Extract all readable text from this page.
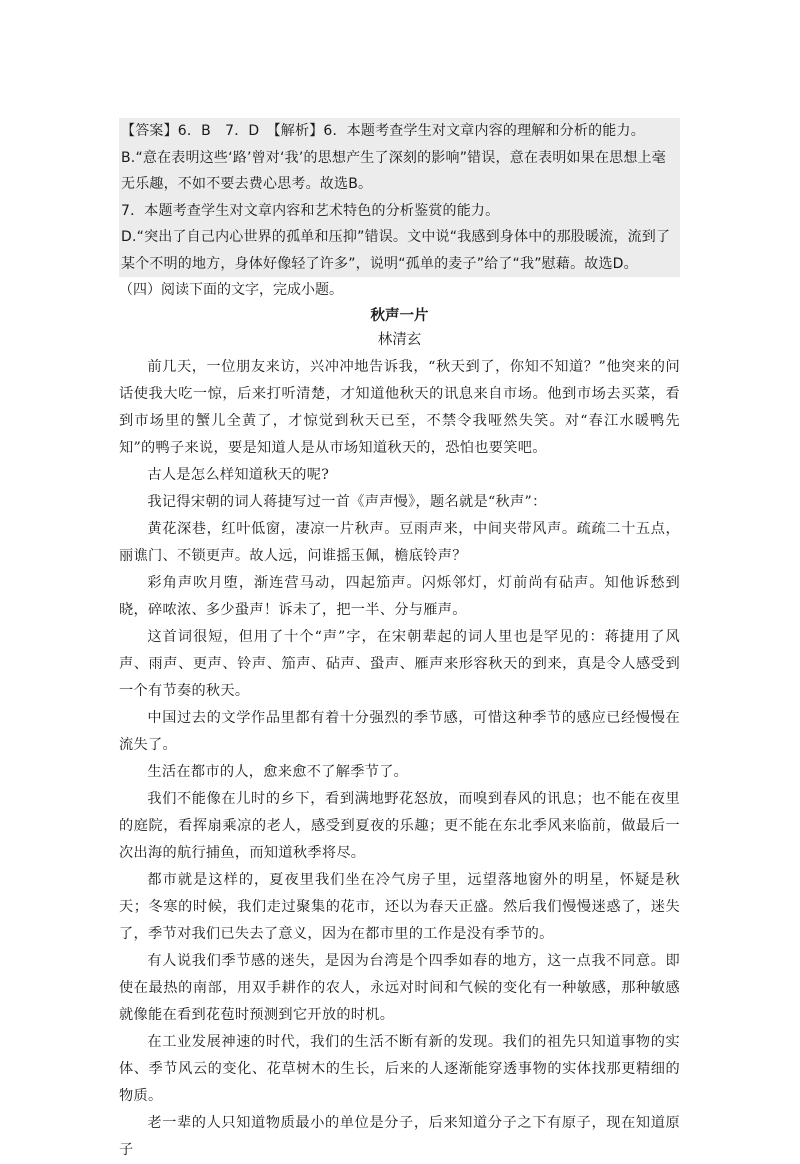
【答案】6．B　7．D　【解析】6．本题考查学生对文章内容的理解和分析的能力。

B.“意在表明这些‘路’曾对‘我’的思想产生了深刻的影响”错误，意在表明如果在思想上毫无乐趣，不如不要去费心思考。故选B。

7．本题考查学生对文章内容和艺术特色的分析鉴赏的能力。

D.“突出了自己内心世界的孤单和压抑”错误。文中说“我感到身体中的那股暖流，流到了某个不明的地方，身体好像轻了许多”，说明“孤单的麦子”给了“我”慰藉。故选D。

（四）阅读下面的文字，完成小题。

秋声一片

林清玄

前几天，一位朋友来访，兴冲冲地告诉我，“秋天到了，你知不知道？”他突来的问话使我大吃一惊，后来打听清楚，才知道他秋天的讯息来自市场。他到市场去买菜，看到市场里的蟹儿全黄了，才惊觉到秋天已至，不禁令我哑然失笑。对“春江水暖鸭先知”的鸭子来说，要是知道人是从市场知道秋天的，恐怕也要笑吧。

古人是怎么样知道秋天的呢?

我记得宋朝的词人蒋捷写过一首《声声慢》，题名就是“秋声”：

黄花深巷，红叶低窗，凄凉一片秋声。豆雨声来，中间夹带风声。疏疏二十五点，丽谯门、不锁更声。故人远，问谁摇玉佩，檐底铃声？

彩角声吹月堕，渐连营马动，四起笳声。闪烁邻灯，灯前尚有砧声。知他诉愁到晓，碎哝浓、多少蛩声！诉未了，把一半、分与雁声。

这首词很短，但用了十个“声”字，在宋朝辈起的词人里也是罕见的：蒋捷用了风声、雨声、更声、铃声、笳声、砧声、蛩声、雁声来形容秋天的到来，真是令人感受到一个有节奏的秋天。

中国过去的文学作品里都有着十分强烈的季节感，可惜这种季节的感应已经慢慢在流失了。

生活在都市的人，愈来愈不了解季节了。

我们不能像在儿时的乡下，看到满地野花怒放，而嗅到春风的讯息；也不能在夜里的庭院，看挥扇乘凉的老人，感受到夏夜的乐趣；更不能在东北季风来临前，做最后一次出海的航行捕鱼，而知道秋季将尽。

都市就是这样的，夏夜里我们坐在冷气房子里，远望落地窗外的明星，怀疑是秋天；冬寒的时候，我们走过聚集的花市，还以为春天正盛。然后我们慢慢迷惑了，迷失了，季节对我们已失去了意义，因为在都市里的工作是没有季节的。

有人说我们季节感的迷失，是因为台湾是个四季如春的地方，这一点我不同意。即使在最热的南部，用双手耕作的农人，永远对时间和气候的变化有一种敏感，那种敏感就像能在看到花苞时预测到它开放的时机。

在工业发展神速的时代，我们的生活不断有新的发现。我们的祖先只知道事物的实体、季节风云的变化、花草树木的生长，后来的人逐渐能穿透事物的实体找那更精细的物质。

老一辈的人只知道物质最小的单位是分子，后来知道分子之下有原子，现在知道原子
